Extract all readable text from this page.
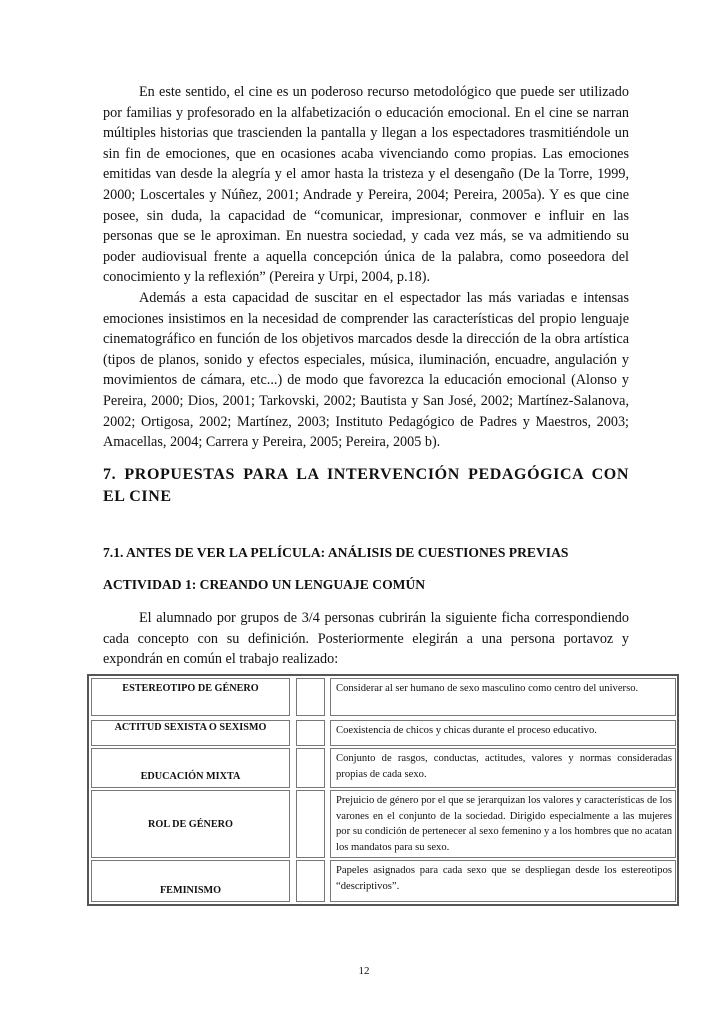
En este sentido, el cine es un poderoso recurso metodológico que puede ser utilizado por familias y profesorado en la alfabetización o educación emocional. En el cine se narran múltiples historias que trascienden la pantalla y llegan a los espectadores trasmitiéndole un sin fin de emociones, que en ocasiones acaba vivenciando como propias. Las emociones emitidas van desde la alegría y el amor hasta la tristeza y el desengaño (De la Torre, 1999, 2000; Loscertales y Núñez, 2001; Andrade y Pereira, 2004; Pereira, 2005a). Y es que cine posee, sin duda, la capacidad de “comunicar, impresionar, conmover e influir en las personas que se le aproximan. En nuestra sociedad, y cada vez más, se va admitiendo su poder audiovisual frente a aquella concepción única de la palabra, como poseedora del conocimiento y la reflexión” (Pereira y Urpi, 2004, p.18).

Además a esta capacidad de suscitar en el espectador las más variadas e intensas emociones insistimos en la necesidad de comprender las características del propio lenguaje cinematográfico en función de los objetivos marcados desde la dirección de la obra artística (tipos de planos, sonido y efectos especiales, música, iluminación, encuadre, angulación y movimientos de cámara, etc...) de modo que favorezca la educación emocional (Alonso y Pereira, 2000; Dios, 2001; Tarkovski, 2002; Bautista y San José, 2002; Martínez-Salanova, 2002; Ortigosa, 2002; Martínez, 2003; Instituto Pedagógico de Padres y Maestros, 2003; Amacellas, 2004; Carrera y Pereira, 2005; Pereira, 2005 b).

7. PROPUESTAS PARA LA INTERVENCIÓN PEDAGÓGICA CON EL CINE
7.1. ANTES DE VER LA PELÍCULA: ANÁLISIS DE CUESTIONES PREVIAS
ACTIVIDAD 1: CREANDO UN LENGUAJE COMÚN

El alumnado por grupos de 3/4 personas cubrirán la siguiente ficha correspondiendo cada concepto con su definición. Posteriormente elegirán a una persona portavoz y expondrán en común el trabajo realizado:

ESTEREOTIPO DE GÉNERO	Considerar al ser humano de sexo masculino como centro del universo.
ACTITUD SEXISTA O SEXISMO	Coexistencia de chicos y chicas durante el proceso educativo.
EDUCACIÓN MIXTA
Conjunto de rasgos, conductas, actitudes, valores y normas consideradas propias de cada sexo.
ROL DE GÉNERO
Prejuicio de género por el que se jerarquizan los valores y características de los varones en el conjunto de la sociedad. Dirigido especialmente a las mujeres por su condición de pertenecer al sexo femenino y a los hombres que no acatan los mandatos para su sexo.
FEMINISMO
Papeles asignados para cada sexo que se despliegan desde los estereotipos “descriptivos”.
12
